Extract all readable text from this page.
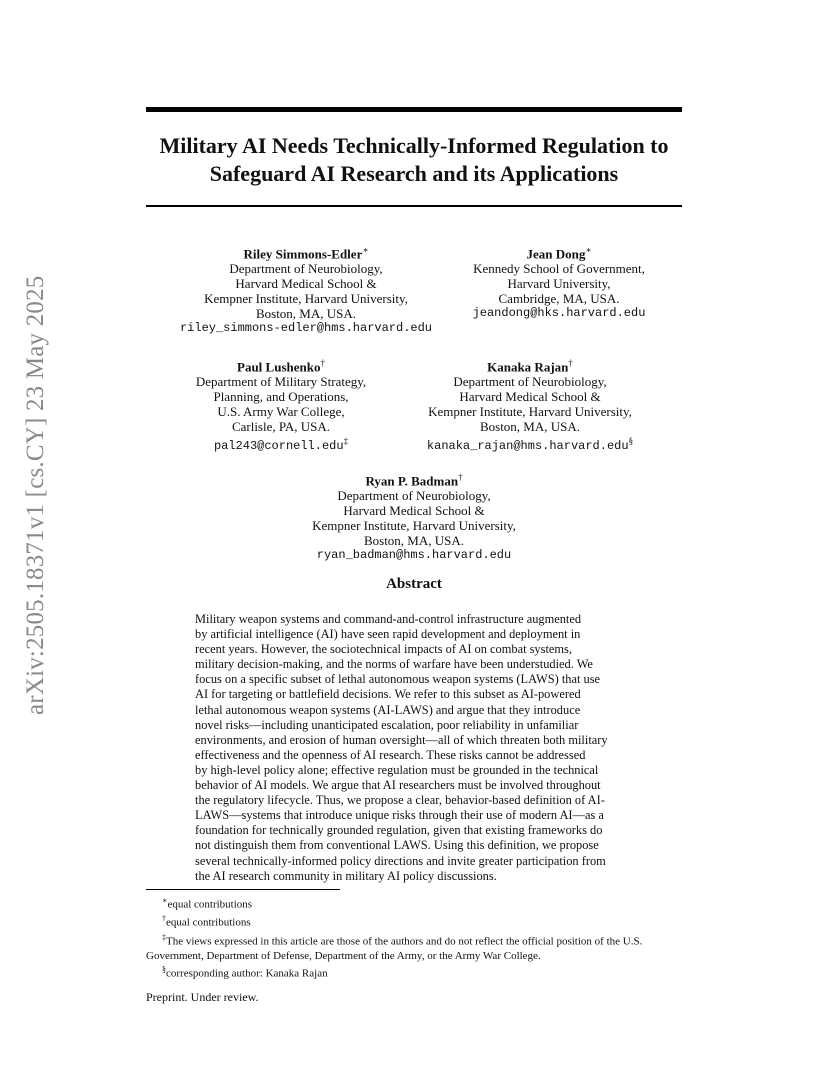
arXiv:2505.18371v1 [cs.CY] 23 May 2025
Military AI Needs Technically-Informed Regulation to
Safeguard AI Research and its Applications
Riley Simmons-Edler∗
Department of Neurobiology,
Harvard Medical School &
Kempner Institute, Harvard University,
Boston, MA, USA.
riley_simmons-edler@hms.harvard.edu
Jean Dong∗
Kennedy School of Government,
Harvard University,
Cambridge, MA, USA.
jeandong@hks.harvard.edu
Paul Lushenko†
Department of Military Strategy,
Planning, and Operations,
U.S. Army War College,
Carlisle, PA, USA.
pal243@cornell.edu‡
Kanaka Rajan†
Department of Neurobiology,
Harvard Medical School &
Kempner Institute, Harvard University,
Boston, MA, USA.
kanaka_rajan@hms.harvard.edu§
Ryan P. Badman†
Department of Neurobiology,
Harvard Medical School &
Kempner Institute, Harvard University,
Boston, MA, USA.
ryan_badman@hms.harvard.edu
Abstract
Military weapon systems and command-and-control infrastructure augmented
by artificial intelligence (AI) have seen rapid development and deployment in
recent years. However, the sociotechnical impacts of AI on combat systems,
military decision-making, and the norms of warfare have been understudied. We
focus on a specific subset of lethal autonomous weapon systems (LAWS) that use
AI for targeting or battlefield decisions. We refer to this subset as AI-powered
lethal autonomous weapon systems (AI-LAWS) and argue that they introduce
novel risks—including unanticipated escalation, poor reliability in unfamiliar
environments, and erosion of human oversight—all of which threaten both military
effectiveness and the openness of AI research. These risks cannot be addressed
by high-level policy alone; effective regulation must be grounded in the technical
behavior of AI models. We argue that AI researchers must be involved throughout
the regulatory lifecycle. Thus, we propose a clear, behavior-based definition of AI-
LAWS—systems that introduce unique risks through their use of modern AI—as a
foundation for technically grounded regulation, given that existing frameworks do
not distinguish them from conventional LAWS. Using this definition, we propose
several technically-informed policy directions and invite greater participation from
the AI research community in military AI policy discussions.
∗equal contributions
†equal contributions
‡The views expressed in this article are those of the authors and do not reflect the official position of the U.S.
Government, Department of Defense, Department of the Army, or the Army War College.
§corresponding author: Kanaka Rajan
Preprint. Under review.
